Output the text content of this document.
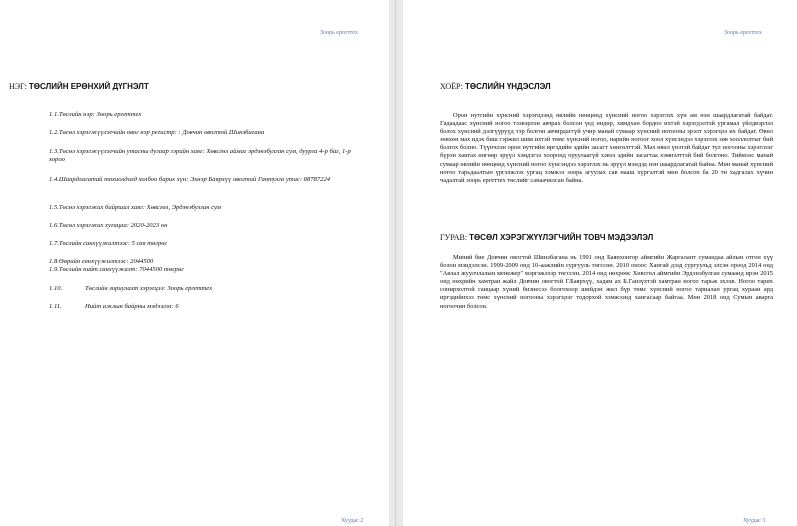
Зоорь ергеттеx
НЭГ: ТӨСЛИЙН ЕРӨНХИЙ ДҮГНЭЛТ
1.1.Төслийн нэр: Зоорь ергеттеx
1.2.Төсөл хэрэгжүүлэгчийн овог нэр регистр: : Довчин овогтой Шинэбагана
1.3.Төсөл хэрэгжүүлэгчийн утасны дугаар гэрийн хаяг: Хөвсгөл аймаг эрдэнэбулган сум, дуурга 4-р баг, 1-р хороо
1.4.Шаардлагатай тохиолдолд холбоо барих хүн: Эхнэр Баярхүү овогтой Гантулга утас: 88787224
1.5.Төсөл хэрэгжих байршил хаяг: Хөвсгөл, Эрдэнэбулган сум
1.6.Төсөл хэрэгжих хугацаа: 2020-2023 он
1.7.Төслийн санхүүжилтээс: 5 сая төгрөг
1.8.Өөрийн санхүүжилтээс: 2044500
1.9.Төслийн нийт санхүүжилт: 7044500 төгрөг
1.10.	Төслийн зориулалт хэрэгцээ: Зоорь ергеттеx
1.11.	Нийт ажлын байрны мэдээлэл: 6
Хуудас 2
Зоорь ергеттеx
ХОЁР: ТӨСЛИЙН ҮНДЭСЛЭЛ
Хуудас 3
Орон нутгийн хүнсний хэрэгцээнд өвлийн нөөцөнд хүнсний ногоо хэрэглэх хүн ам нэн шаардлагатай байдаг. Гадаадаас хүнсний ногоо тээвэрлэн авчрах болсон үед өндөр, хямдхан бордоо ихтэй хэрэгдэлтэй ургамал үйлдвэрлэл болох хүнсний дэлгүүрүүд тэр болгон авчирдаггүй учир манай сумаар хүнсний ногооны эрэлт хэрэгцээ их байдаг. Өвөл зөвхөн мах идэх биш гэржил шим ихтэй төмс хүнсний ногоо, нарийн ногоог хоол хүнсэндээ хэрэглэх зөв хооллолтыг бий болгох болно. Түүнчлэн орон нутгийн иргэдийн эдийн засагт хөнгөлттэй. Мах өвөл үнэтэй байдаг тул ногооны хэрэглээг бүрэн хангах өнгөөр эрүүл хэмдэгээ хооронд оруулаагүй хэвээ эдийн засагтаа хэмнэлттэй бий болгоно. Тиймээс манай сумаар өвлийн нөөцөнд хүнсний ногоо хүнсэндээ хэрэглэх нь эрүүл мэндэд нэн шаардлагатай байна. Мөн манай хүнсний ногоо тарьдаалтын үргэлжлэх ургац хэмжээ зоорь агуулах сав нааш хүргэлтэй мөн болсон ба 20 тн хадгалах хүчин чадалтай зоорь ергеттеx төслийг санаачилсан байна.
ГУРАВ: ТӨСӨЛ ХЭРЭГЖҮҮЛЭГЧИЙН ТОВЧ МЭДЭЭЛЭЛ
Миний бие Довчин овогтой Шинэбагана нь 1991 онд Баянхонгор аймгийн Жаргалант сумандаа айлын отгон хүү болон мэндэлсэн. 1999-2009 онд 10-аажлийн сургууль төгссөн. 2010 оноос Хангай дээд сургуульд элсэн ороод 2014 онд "Аялал жуулчлалын менежер" мэргэжлээр төгссөн. 2014 онд нөхрөөс Хөвсгөл аймгийн Эрдэнэбулган сумаанд ирэн 2015 онд нөхрийн хамтран жайл Довчин овогтой Г.Баярхүү, хадам ах Б.Ганзүхтэй хамтран ногоо тарьж эхлэв. Ногоо тарих сонирхолтой ганцаар хүний бизнесээ болгохоор шийдэн жил бүр төмс хүнсний ногоо тариалан ургац хураан ард иргэдийнхээ төмс хүнсний ногооны хэрэгцээг тодорхой хэмжээнд хангасаар байгаа. Мөн 2018 онд Сумын аварга ногоочин болсон.
